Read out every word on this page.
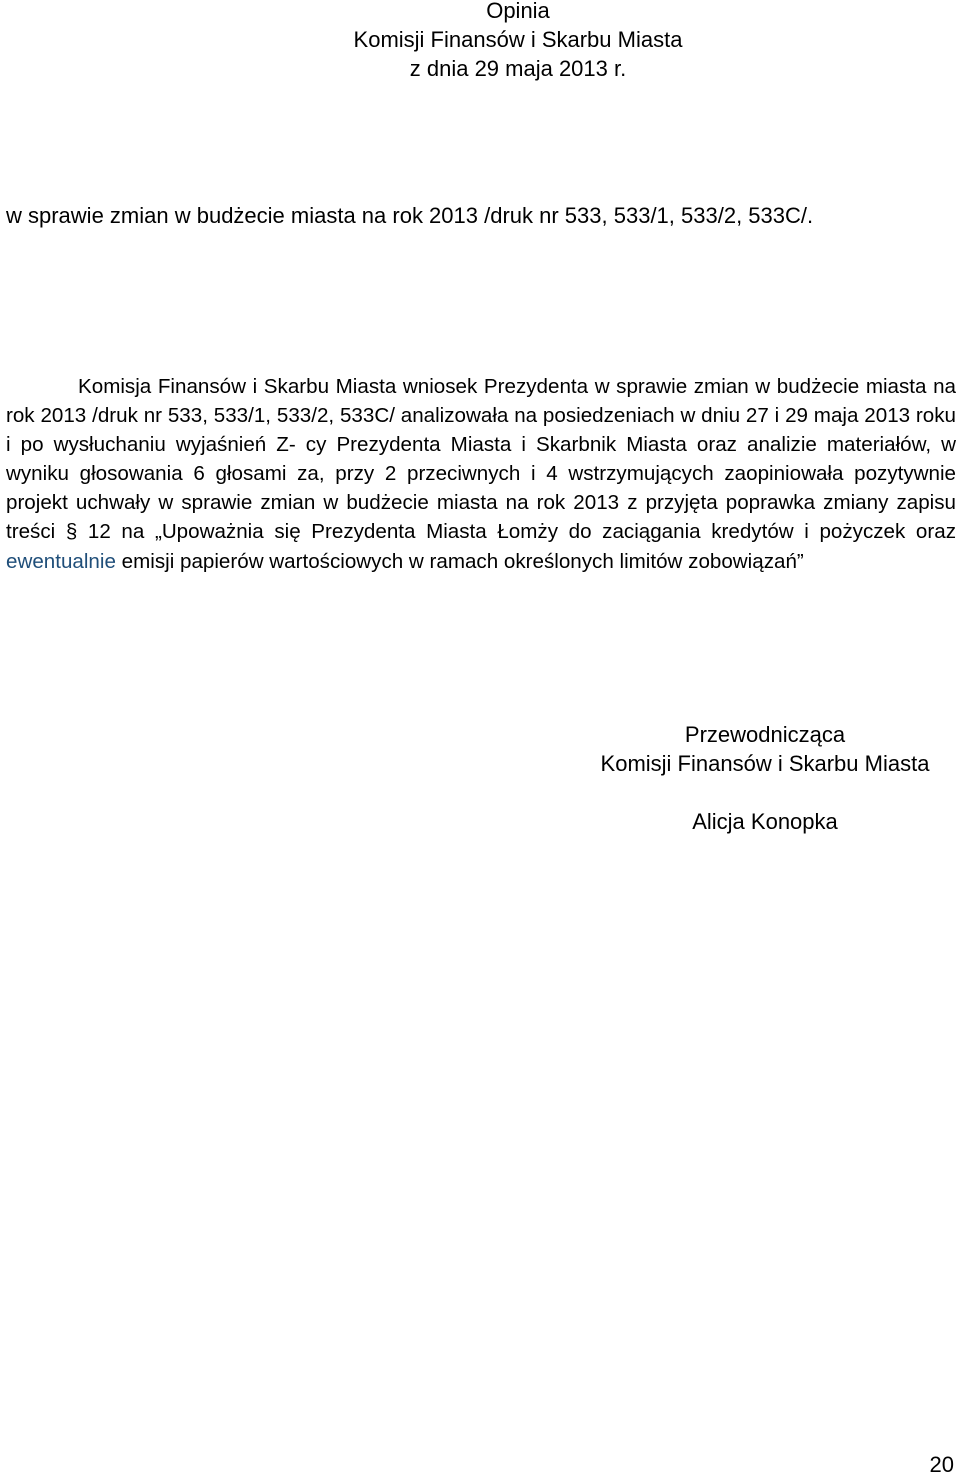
Opinia
Komisji Finansów i Skarbu Miasta
z dnia 29 maja 2013 r.
w sprawie zmian w budżecie miasta na rok 2013 /druk nr 533, 533/1, 533/2, 533C/.

Komisja Finansów i Skarbu Miasta wniosek Prezydenta w sprawie zmian w budżecie miasta na rok 2013 /druk nr 533, 533/1, 533/2, 533C/ analizowała na posiedzeniach w dniu 27 i 29 maja 2013 roku i po wysłuchaniu wyjaśnień Z- cy Prezydenta Miasta i Skarbnik Miasta oraz analizie materiałów, w wyniku głosowania 6 głosami za, przy 2 przeciwnych i 4 wstrzymujących zaopiniowała pozytywnie projekt uchwały w sprawie zmian w budżecie miasta na rok 2013 z przyjęta poprawka zmiany zapisu treści § 12 na „Upoważnia się Prezydenta Miasta Łomży do zaciągania kredytów i pożyczek oraz ewentualnie emisji papierów wartościowych w ramach określonych limitów zobowiązań”

Przewodnicząca
Komisji Finansów i Skarbu Miasta
Alicja Konopka
20
